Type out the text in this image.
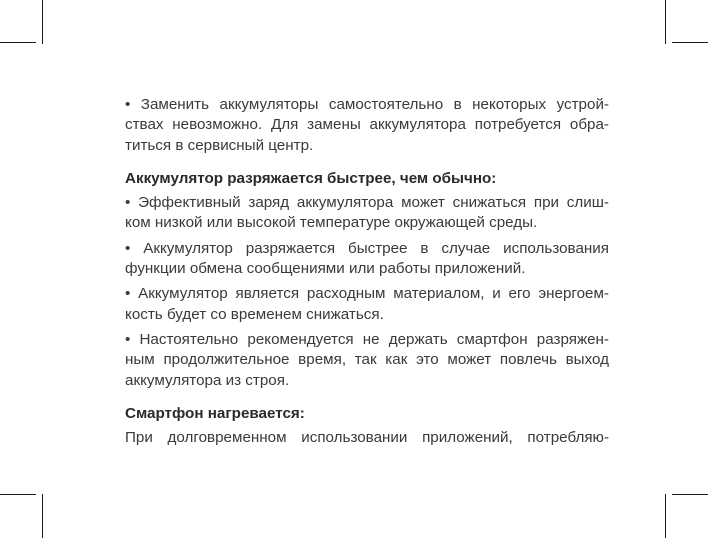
• Заменить аккумуляторы самостоятельно в некоторых устрой-
ствах невозможно. Для замены аккумулятора потребуется обра-
титься в сервисный центр.

Аккумулятор разряжается быстрее, чем обычно:

• Эффективный заряд аккумулятора может снижаться при слиш-
ком низкой или высокой температуре окружающей среды.

• Аккумулятор разряжается быстрее в случае использования
функции обмена сообщениями или работы приложений.

• Аккумулятор является расходным материалом, и его энергоем-
кость будет со временем снижаться.

• Настоятельно рекомендуется не держать смартфон разряжен-
ным продолжительное время, так как это может повлечь выход
аккумулятора из строя.

Смартфон нагревается:

При долговременном использовании приложений, потребляю-
